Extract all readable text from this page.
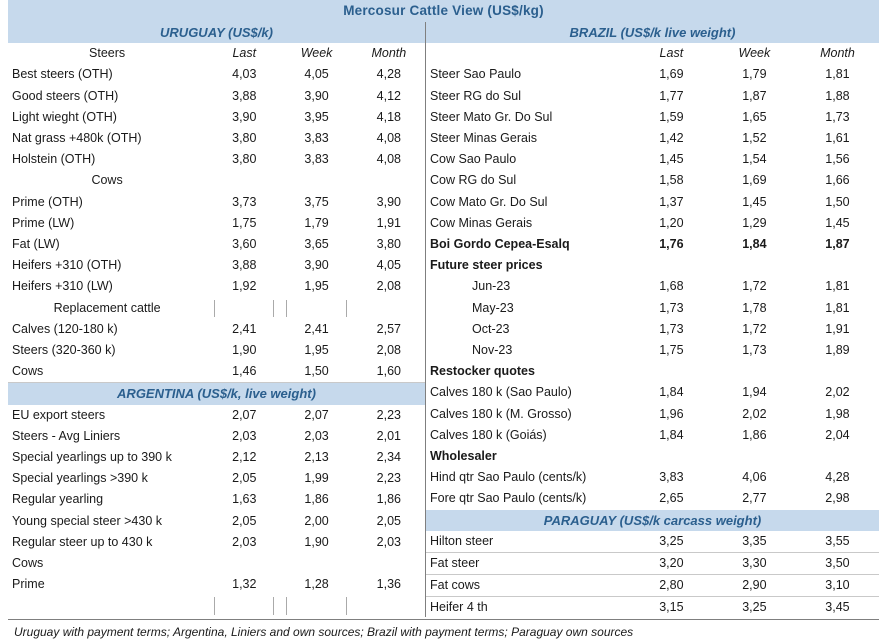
Mercosur Cattle View (US$/kg)
URUGUAY (US$/k)			
Steers	Last	Week	Month
Best steers (OTH)	4,03	4,05	4,28
Good steers (OTH)	3,88	3,90	4,12
Light wieght (OTH)	3,90	3,95	4,18
Nat grass +480k (OTH)	3,80	3,83	4,08
Holstein (OTH)	3,80	3,83	4,08
Cows			
Prime (OTH)	3,73	3,75	3,90
Prime (LW)	1,75	1,79	1,91
Fat (LW)	3,60	3,65	3,80
Heifers +310 (OTH)	3,88	3,90	4,05
Heifers +310 (LW)	1,92	1,95	2,08
Replacement cattle			
Calves (120-180 k)	2,41	2,41	2,57
Steers (320-360 k)	1,90	1,95	2,08
Cows	1,46	1,50	1,60
ARGENTINA (US$/k, live weight)			
EU export steers	2,07	2,07	2,23
Steers - Avg Liniers	2,03	2,03	2,01
Special yearlings up to 390 k	2,12	2,13	2,34
Special yearlings >390 k	2,05	1,99	2,23
Regular yearling	1,63	1,86	1,86
Young special steer >430 k	2,05	2,00	2,05
Regular steer up to 430 k	2,03	1,90	2,03
Cows			
Prime	1,32	1,28	1,36

BRAZIL (US$/k live weight)			
	Last	Week	Month
Steer Sao Paulo	1,69	1,79	1,81
Steer RG do Sul	1,77	1,87	1,88
Steer Mato Gr. Do Sul	1,59	1,65	1,73
Steer Minas Gerais	1,42	1,52	1,61
Cow Sao Paulo	1,45	1,54	1,56
Cow RG do Sul	1,58	1,69	1,66
Cow Mato Gr. Do Sul	1,37	1,45	1,50
Cow Minas Gerais	1,20	1,29	1,45
Boi Gordo Cepea-Esalq	1,76	1,84	1,87
Future steer prices			
Jun-23	1,68	1,72	1,81
May-23	1,73	1,78	1,81
Oct-23	1,73	1,72	1,91
Nov-23	1,75	1,73	1,89
Restocker quotes			
Calves 180 k (Sao Paulo)	1,84	1,94	2,02
Calves 180 k (M. Grosso)	1,96	2,02	1,98
Calves 180 k (Goiás)	1,84	1,86	2,04
Wholesaler			
Hind qtr Sao Paulo (cents/k)	3,83	4,06	4,28
Fore qtr Sao Paulo (cents/k)	2,65	2,77	2,98
PARAGUAY (US$/k carcass weight)			
Hilton steer	3,25	3,35	3,55
Fat steer	3,20	3,30	3,50
Fat cows	2,80	2,90	3,10
Heifer 4 th	3,15	3,25	3,45
Uruguay with payment terms; Argentina, Liniers and own sources; Brazil with payment terms; Paraguay own sources
